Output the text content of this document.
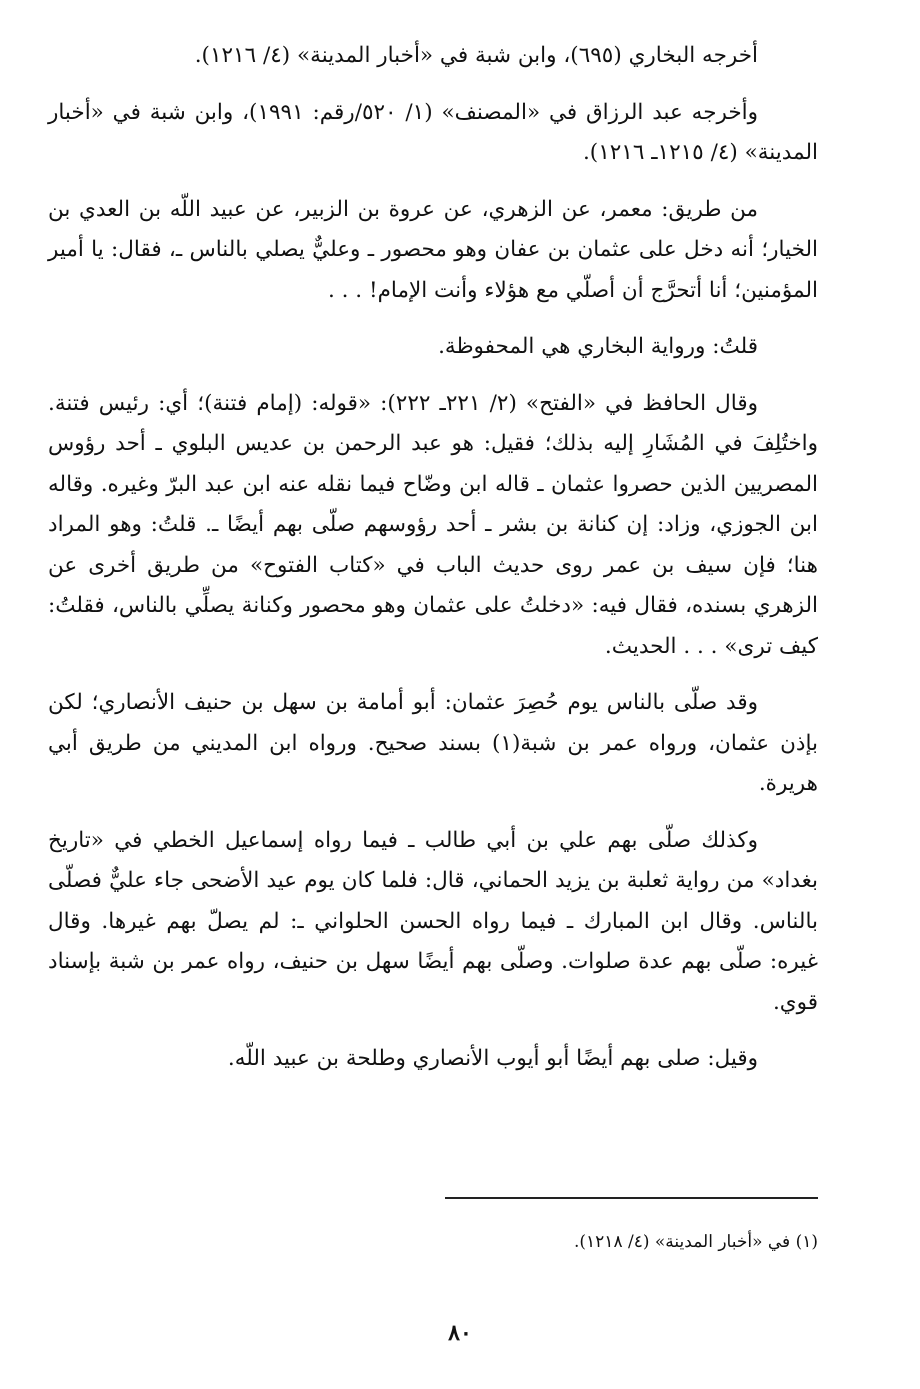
أخرجه البخاري (٦٩٥)، وابن شبة في «أخبار المدينة» (٤/ ١٢١٦).

وأخرجه عبد الرزاق في «المصنف» (١/ ٥٢٠/رقم: ١٩٩١)، وابن شبة في «أخبار المدينة» (٤/ ١٢١٥ـ ١٢١٦).

من طريق: معمر، عن الزهري، عن عروة بن الزبير، عن عبيد اللّه بن العدي بن الخيار؛ أنه دخل على عثمان بن عفان وهو محصور ـ وعليٌّ يصلي بالناس ـ، فقال: يا أمير المؤمنين؛ أنا أتحرَّج أن أصلّي مع هؤلاء وأنت الإمام! . . .

قلتُ: ورواية البخاري هي المحفوظة.

وقال الحافظ في «الفتح» (٢/ ٢٢١ـ ٢٢٢): «قوله: (إمام فتنة)؛ أي: رئيس فتنة. واختُلِفَ في المُشَارِ إليه بذلك؛ فقيل: هو عبد الرحمن بن عديس البلوي ـ أحد رؤوس المصريين الذين حصروا عثمان ـ قاله ابن وضّاح فيما نقله عنه ابن عبد البرّ وغيره. وقاله ابن الجوزي، وزاد: إن كنانة بن بشر ـ أحد رؤوسهم صلّى بهم أيضًا ـ. قلتُ: وهو المراد هنا؛ فإن سيف بن عمر روى حديث الباب في «كتاب الفتوح» من طريق أخرى عن الزهري بسنده، فقال فيه: «دخلتُ على عثمان وهو محصور وكنانة يصلِّي بالناس، فقلتُ: كيف ترى» . . . الحديث.

وقد صلّى بالناس يوم حُصِرَ عثمان: أبو أمامة بن سهل بن حنيف الأنصاري؛ لكن بإذن عثمان، ورواه عمر بن شبة(١) بسند صحيح. ورواه ابن المديني من طريق أبي هريرة.

وكذلك صلّى بهم علي بن أبي طالب ـ فيما رواه إسماعيل الخطي في «تاريخ بغداد» من رواية ثعلبة بن يزيد الحماني، قال: فلما كان يوم عيد الأضحى جاء عليٌّ فصلّى بالناس. وقال ابن المبارك ـ فيما رواه الحسن الحلواني ـ: لم يصلّ بهم غيرها. وقال غيره: صلّى بهم عدة صلوات. وصلّى بهم أيضًا سهل بن حنيف، رواه عمر بن شبة بإسناد قوي.

وقيل: صلى بهم أيضًا أبو أيوب الأنصاري وطلحة بن عبيد اللّه.

(١) في «أخبار المدينة» (٤/ ١٢١٨).
٨٠
